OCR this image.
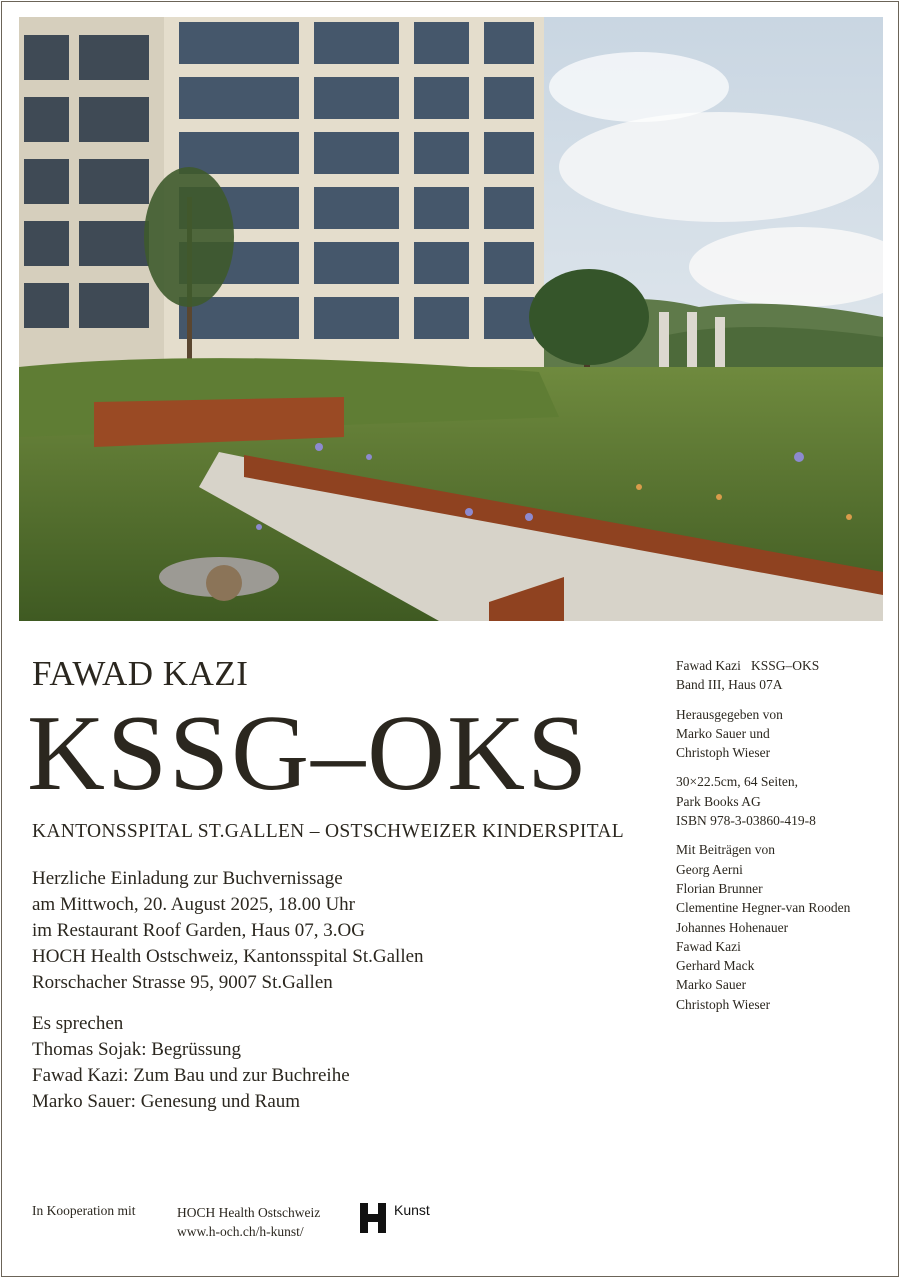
FAWAD KAZI
KSSG–OKS

KANTONSSPITAL ST.GALLEN – OSTSCHWEIZER KINDERSPITAL

Herzliche Einladung zur Buchvernissage
am Mittwoch, 20. August 2025, 18.00 Uhr
im Restaurant Roof Garden, Haus 07, 3.OG
HOCH Health Ostschweiz, Kantonsspital St.Gallen
Rorschacher Strasse 95, 9007 St.Gallen
Es sprechen
Thomas Sojak: Begrüssung
Fawad Kazi: Zum Bau und zur Buchreihe
Marko Sauer: Genesung und Raum
Fawad Kazi   KSSG–OKS
Band III, Haus 07A
Herausgegeben von
Marko Sauer und
Christoph Wieser
30×22.5cm, 64 Seiten,
Park Books AG
ISBN 978-3-03860-419-8
Mit Beiträgen von
Georg Aerni
Florian Brunner
Clementine Hegner-van Rooden
Johannes Hohenauer
Fawad Kazi
Gerhard Mack
Marko Sauer
Christoph Wieser
In Kooperation mit	HOCH Health Ostschweiz
www.h-och.ch/h-kunst/
Kunst
